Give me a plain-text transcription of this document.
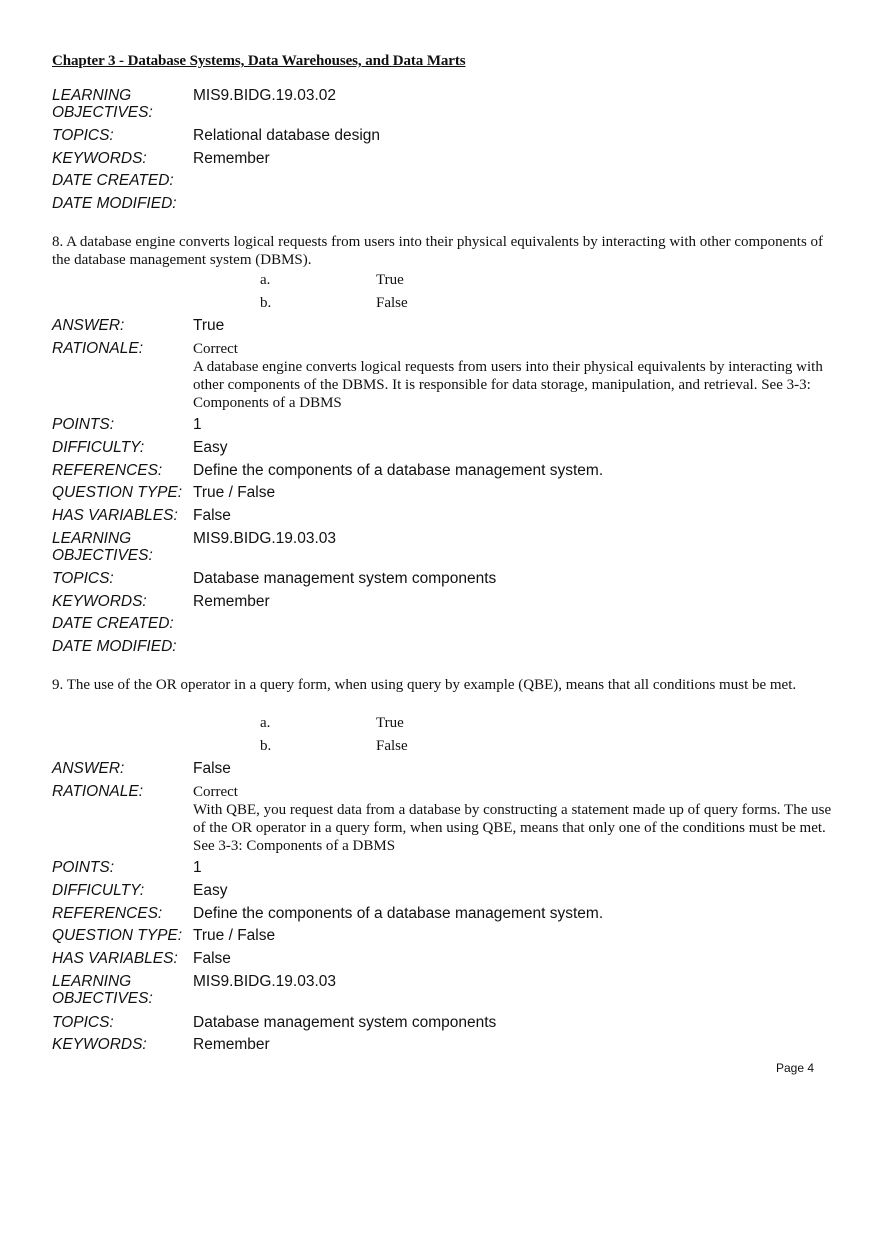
Chapter 3 - Database Systems, Data Warehouses, and Data Marts
LEARNING OBJECTIVES:
MIS9.BIDG.19.03.02
TOPICS:	Relational database design
KEYWORDS:	Remember
DATE CREATED:
DATE MODIFIED:
8. A database engine converts logical requests from users into their physical equivalents by interacting with other components of the database management system (DBMS).
a.	True
b.	False
ANSWER:	True
RATIONALE:	Correct
A database engine converts logical requests from users into their physical equivalents by interacting with other components of the DBMS. It is responsible for data storage, manipulation, and retrieval. See 3-3: Components of a DBMS
POINTS:	1
DIFFICULTY:	Easy
REFERENCES: Define the components of a database management system.
QUESTION TYPE: True / False
HAS VARIABLES: False
LEARNING OBJECTIVES:
MIS9.BIDG.19.03.03
TOPICS:	Database management system components
KEYWORDS:	Remember
DATE CREATED:
DATE MODIFIED:
9. The use of the OR operator in a query form, when using query by example (QBE), means that all conditions must be met.
a.	True
b.	False
ANSWER:	False
RATIONALE:	Correct
With QBE, you request data from a database by constructing a statement made up of query forms. The use of the OR operator in a query form, when using QBE, means that only one of the conditions must be met. See 3-3: Components of a DBMS
POINTS:	1
DIFFICULTY:	Easy
REFERENCES: Define the components of a database management system.
QUESTION TYPE: True / False
HAS VARIABLES: False
LEARNING OBJECTIVES:
MIS9.BIDG.19.03.03
TOPICS:	Database management system components
KEYWORDS:	Remember
Page 4
